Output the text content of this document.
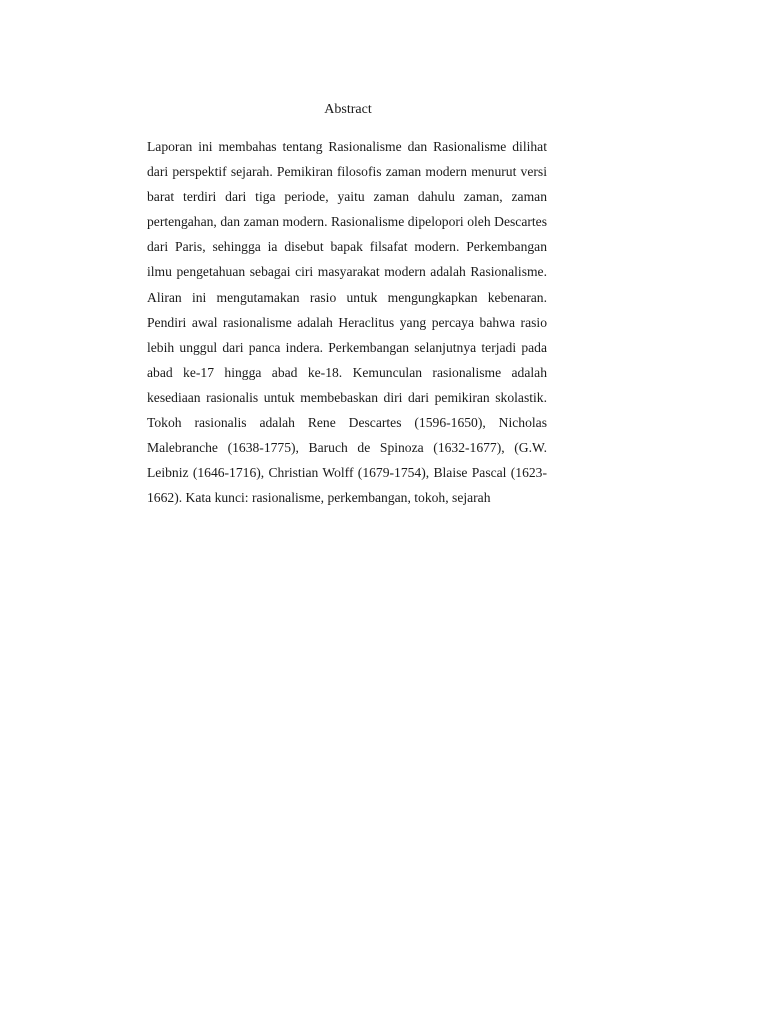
Abstract

Laporan ini membahas tentang Rasionalisme dan Rasionalisme dilihat dari perspektif sejarah. Pemikiran filosofis zaman modern menurut versi barat terdiri dari tiga periode, yaitu zaman dahulu zaman, zaman pertengahan, dan zaman modern. Rasionalisme dipelopori oleh Descartes dari Paris, sehingga ia disebut bapak filsafat modern. Perkembangan ilmu pengetahuan sebagai ciri masyarakat modern adalah Rasionalisme. Aliran ini mengutamakan rasio untuk mengungkapkan kebenaran. Pendiri awal rasionalisme adalah Heraclitus yang percaya bahwa rasio lebih unggul dari panca indera. Perkembangan selanjutnya terjadi pada abad ke-17 hingga abad ke-18. Kemunculan rasionalisme adalah kesediaan rasionalis untuk membebaskan diri dari pemikiran skolastik. Tokoh rasionalis adalah Rene Descartes (1596-1650), Nicholas Malebranche (1638-1775), Baruch de Spinoza (1632-1677), (G.W. Leibniz (1646-1716), Christian Wolff (1679-1754), Blaise Pascal (1623-1662). Kata kunci: rasionalisme, perkembangan, tokoh, sejarah
